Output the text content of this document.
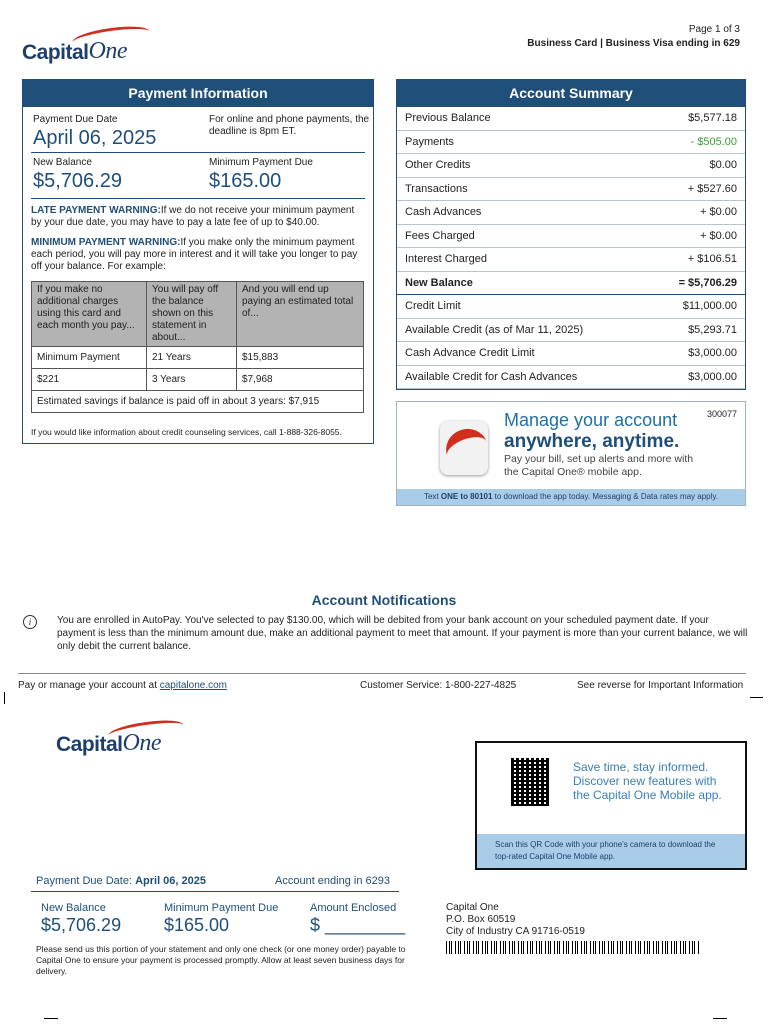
Capital One
Page 1 of 3
Business Card | Business Visa ending in 629
Payment Information
Payment Due Date
April 06, 2025
For online and phone payments, the deadline is 8pm ET.
New Balance
$5,706.29
Minimum Payment Due
$165.00
LATE PAYMENT WARNING:If we do not receive your minimum payment by your due date, you may have to pay a late fee of up to $40.00.
MINIMUM PAYMENT WARNING:If you make only the minimum payment each period, you will pay more in interest and it will take you longer to pay off your balance. For example:
If you make no additional charges using this card and each month you pay...	You will pay off the balance shown on this statement in about...	And you will end up paying an estimated total of...
Minimum Payment	21 Years	$15,883
$221	3 Years	$7,968
Estimated savings if balance is paid off in about 3 years: $7,915		
If you would like information about credit counseling services, call 1-888-326-8055.
Account Summary
Previous Balance	$5,577.18
Payments	- $505.00
Other Credits	$0.00
Transactions	+ $527.60
Cash Advances	+ $0.00
Fees Charged	+ $0.00
Interest Charged	+ $106.51
New Balance	= $5,706.29
Credit Limit	$11,000.00
Available Credit (as of Mar 11, 2025)	$5,293.71
Cash Advance Credit Limit	$3,000.00
Available Credit for Cash Advances	$3,000.00
300077
Manage your account
anywhere, anytime.
Pay your bill, set up alerts and more with the Capital One® mobile app.
Text ONE to 80101 to download the app today. Messaging & Data rates may apply.
Account Notifications
i	You are enrolled in AutoPay. You've selected to pay $130.00, which will be debited from your bank account on your scheduled payment date. If your payment is less than the minimum amount due, make an additional payment to meet that amount. If your payment is more than your current balance, we will only debit the current balance.
Pay or manage your account at capitalone.com	Customer Service: 1-800-227-4825	See reverse for Important Information
Capital One
Save time, stay informed. Discover new features with the Capital One Mobile app.
Scan this QR Code with your phone's camera to download the top-rated Capital One Mobile app.
Payment Due Date: April 06, 2025	Account ending in 6293
New Balance
$5,706.29
Minimum Payment Due
$165.00
Amount Enclosed
$ ________
Please send us this portion of your statement and only one check (or one money order) payable to Capital One to ensure your payment is processed promptly. Allow at least seven business days for delivery.
Capital One
P.O. Box 60519
City of Industry CA 91716-0519
